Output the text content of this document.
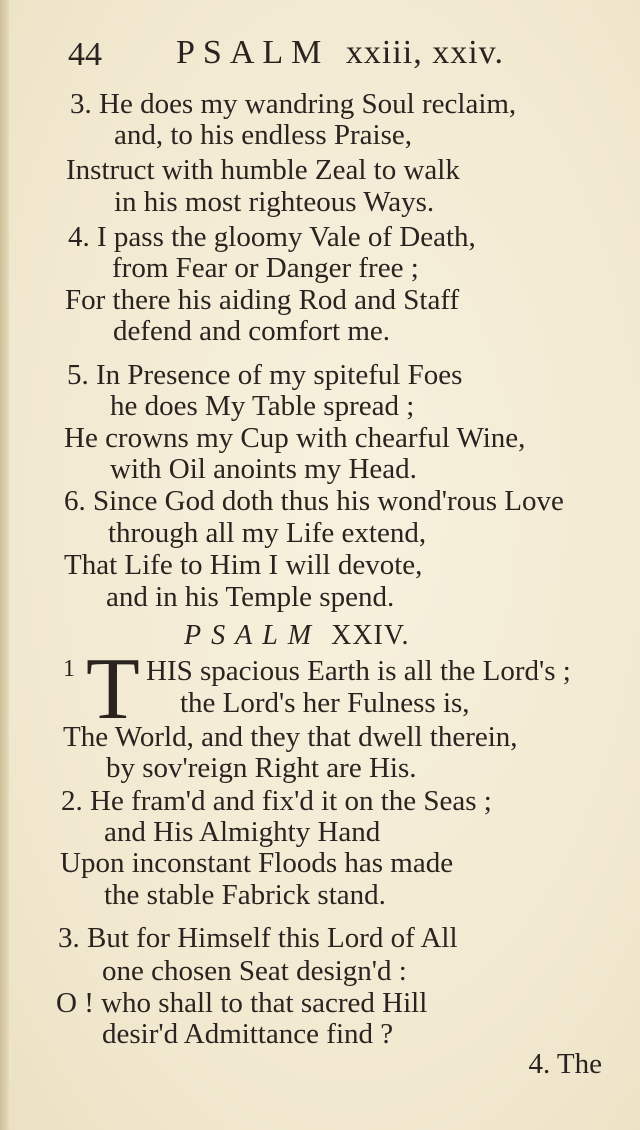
44 PSALM xxiii, xxiv.
3. He does my wandring Soul reclaim,
and, to his endless Praise,
Instruct with humble Zeal to walk
in his most righteous Ways.
4. I pass the gloomy Vale of Death,
from Fear or Danger free ;
For there his aiding Rod and Staff
defend and comfort me.
5. In Presence of my spiteful Foes
he does My Table spread ;
He crowns my Cup with chearful Wine,
with Oil anoints my Head.
6. Since God doth thus his wond'rous Love
through all my Life extend,
That Life to Him I will devote,
and in his Temple spend.
PSALM XXIV.
1 T HIS spacious Earth is all the Lord's ;
the Lord's her Fulness is,
The World, and they that dwell therein,
by sov'reign Right are His.
2. He fram'd and fix'd it on the Seas ;
and His Almighty Hand
Upon inconstant Floods has made
the stable Fabrick stand.
3. But for Himself this Lord of All
one chosen Seat design'd :
O ! who shall to that sacred Hill
desir'd Admittance find ?
4. The
